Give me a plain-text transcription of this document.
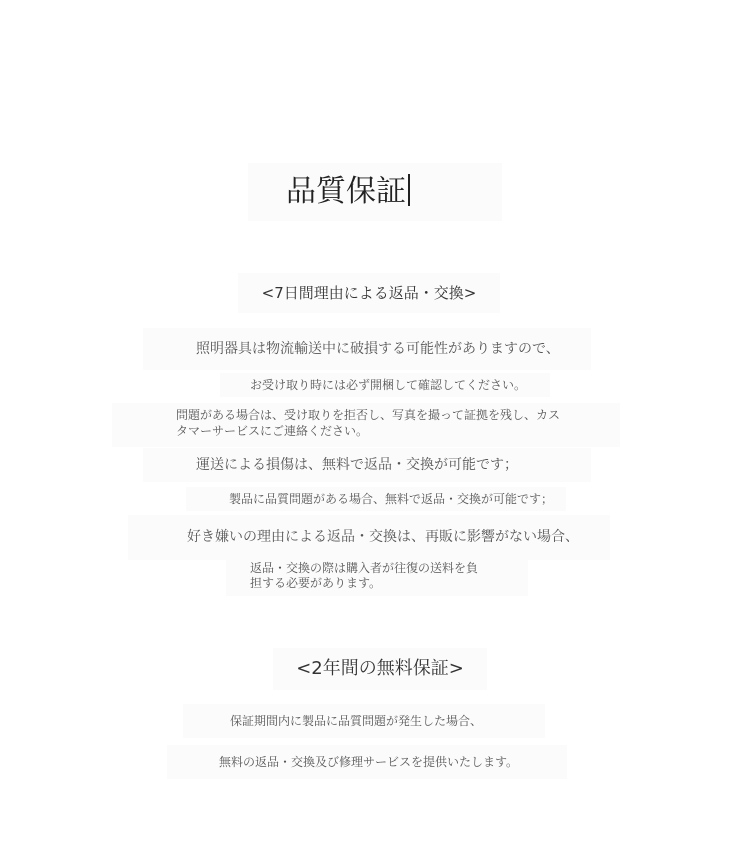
品質保証
<7日間理由による返品・交換>
照明器具は物流輸送中に破損する可能性がありますので、
お受け取り時には必ず開梱して確認してください。
問題がある場合は、受け取りを拒否し、写真を撮って証拠を残し、カス
タマーサービスにご連絡ください。
運送による損傷は、無料で返品・交換が可能です；
製品に品質問題がある場合、無料で返品・交換が可能です；
好き嫌いの理由による返品・交換は、再販に影響がない場合、
返品・交換の際は購入者が往復の送料を負
担する必要があります。
<2年間の無料保証>
保証期間内に製品に品質問題が発生した場合、
無料の返品・交換及び修理サービスを提供いたします。
